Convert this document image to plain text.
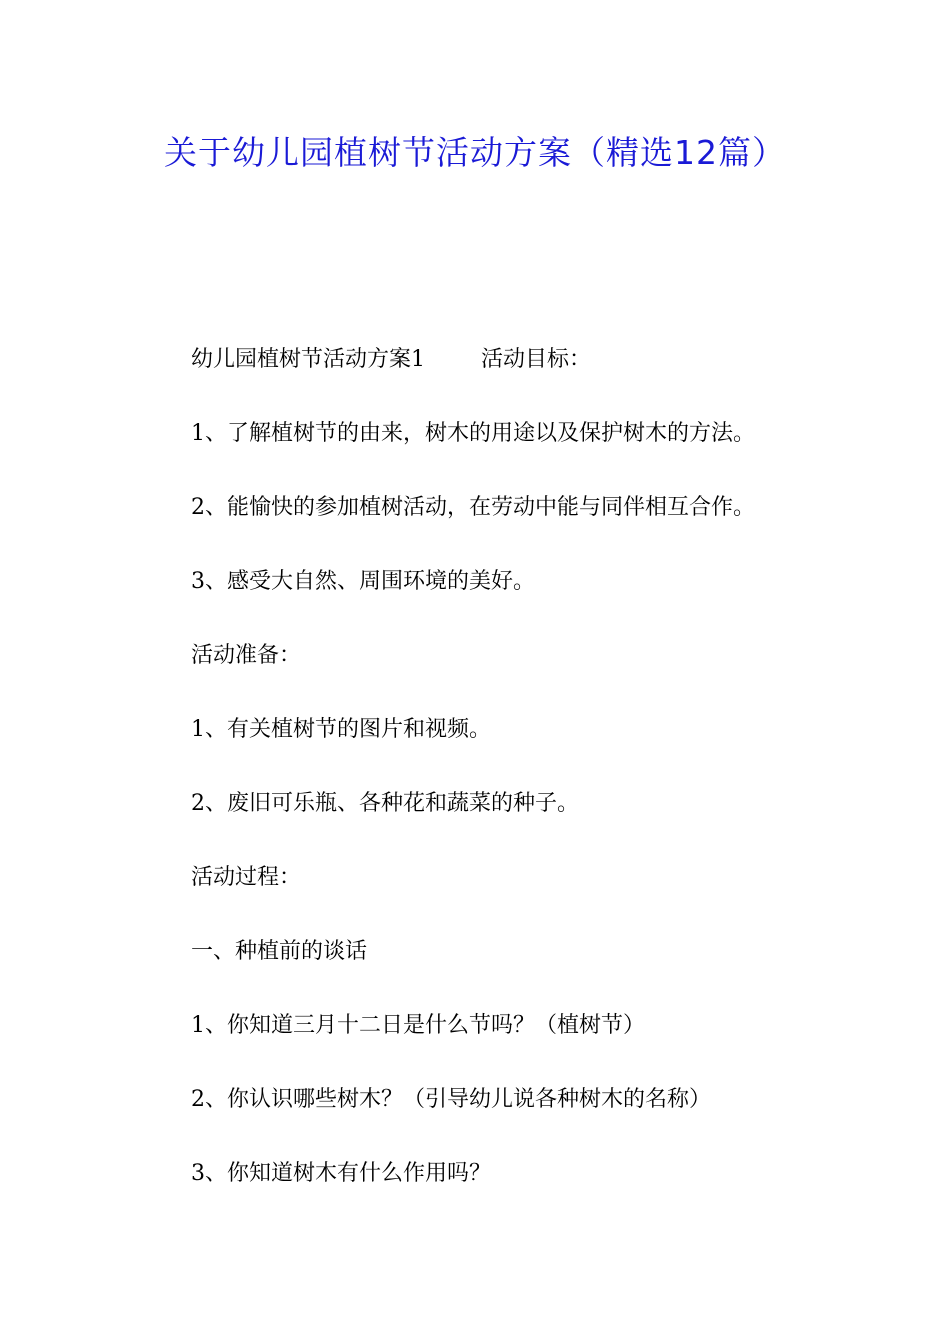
关于幼儿园植树节活动方案（精选12篇）

幼儿园植树节活动方案1	活动目标：

1、了解植树节的由来，树木的用途以及保护树木的方法。

2、能愉快的参加植树活动，在劳动中能与同伴相互合作。

3、感受大自然、周围环境的美好。

活动准备：

1、有关植树节的图片和视频。

2、废旧可乐瓶、各种花和蔬菜的种子。

活动过程：

一、种植前的谈话

1、你知道三月十二日是什么节吗？（植树节）

2、你认识哪些树木？（引导幼儿说各种树木的名称）

3、你知道树木有什么作用吗？
